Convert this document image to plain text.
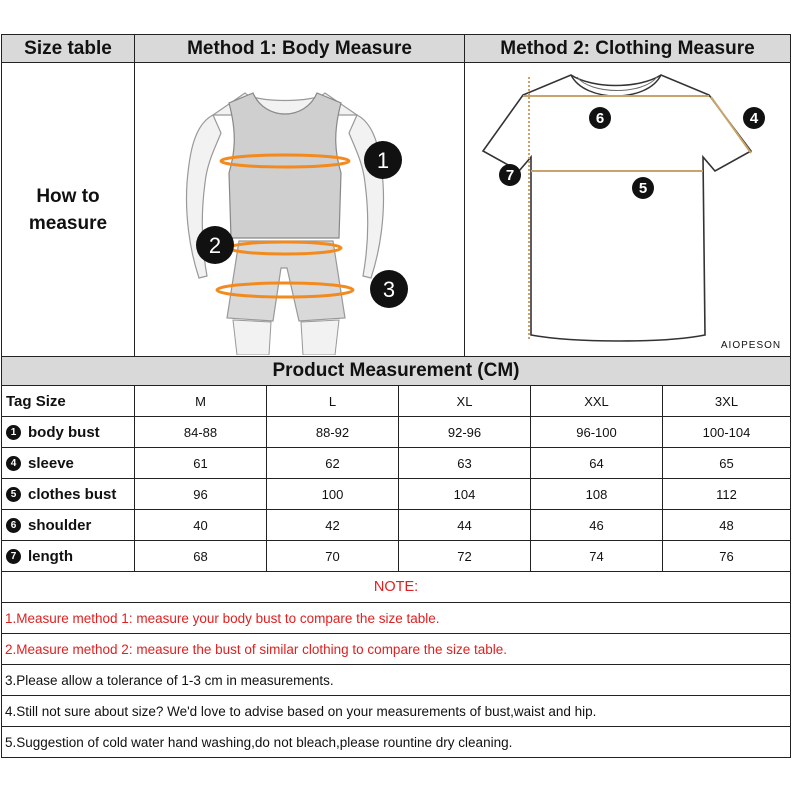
Size table	Method 1: Body Measure	Method 2: Clothing Measure
How to
measure
1
2
3
6	4
7
5
AIOPESON
Product Measurement (CM)
Tag Size	M	L	XL	XXL	3XL
1 body bust	84-88	88-92	92-96	96-100	100-104
4 sleeve	61	62	63	64	65
5 clothes bust	96	100	104	108	112
6 shoulder	40	42	44	46	48
7 length	68	70	72	74	76
NOTE:
1.Measure method 1: measure your body bust to compare the size table.
2.Measure method 2: measure the bust of similar clothing to compare the size table.
3.Please allow a tolerance of 1-3 cm in measurements.
4.Still not sure about size? We'd love to advise based on your measurements of bust,waist and hip.
5.Suggestion of cold water hand washing,do not bleach,please rountine dry cleaning.
